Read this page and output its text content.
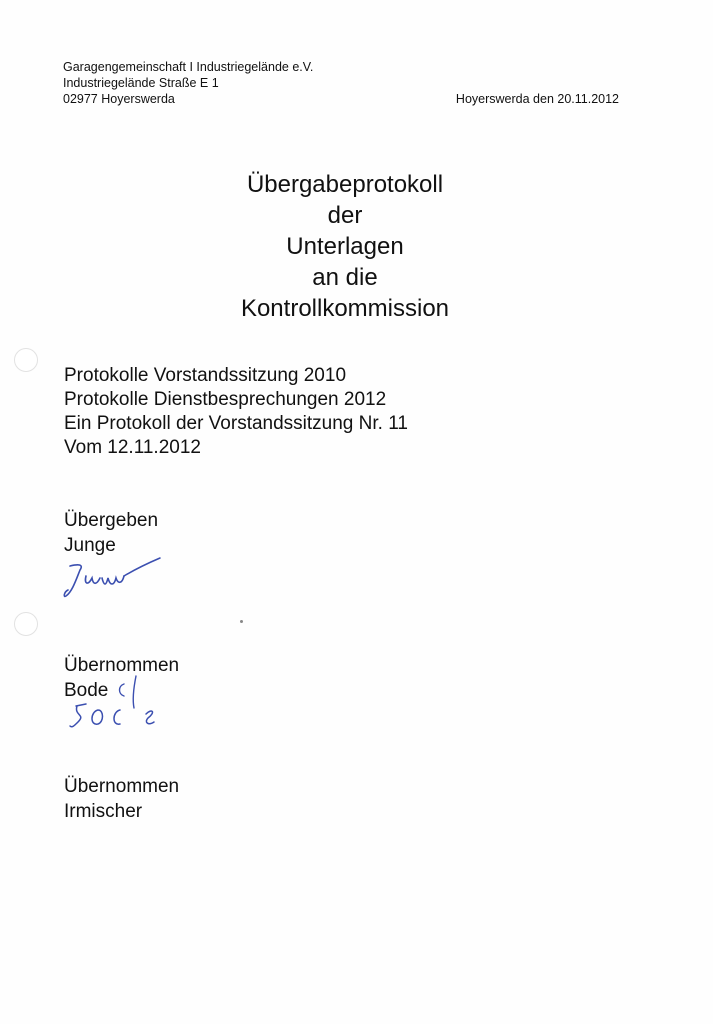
Garagengemeinschaft I Industriegelände e.V.
Industriegelände Straße E 1
02977 Hoyerswerda	Hoyerswerda den 20.11.2012
Übergabeprotokoll
der
Unterlagen
an die
Kontrollkommission
Protokolle Vorstandssitzung 2010
Protokolle Dienstbesprechungen 2012
Ein Protokoll der Vorstandssitzung Nr. 11
Vom 12.11.2012
Übergeben
Junge
Übernommen
Bode
Übernommen
Irmischer
